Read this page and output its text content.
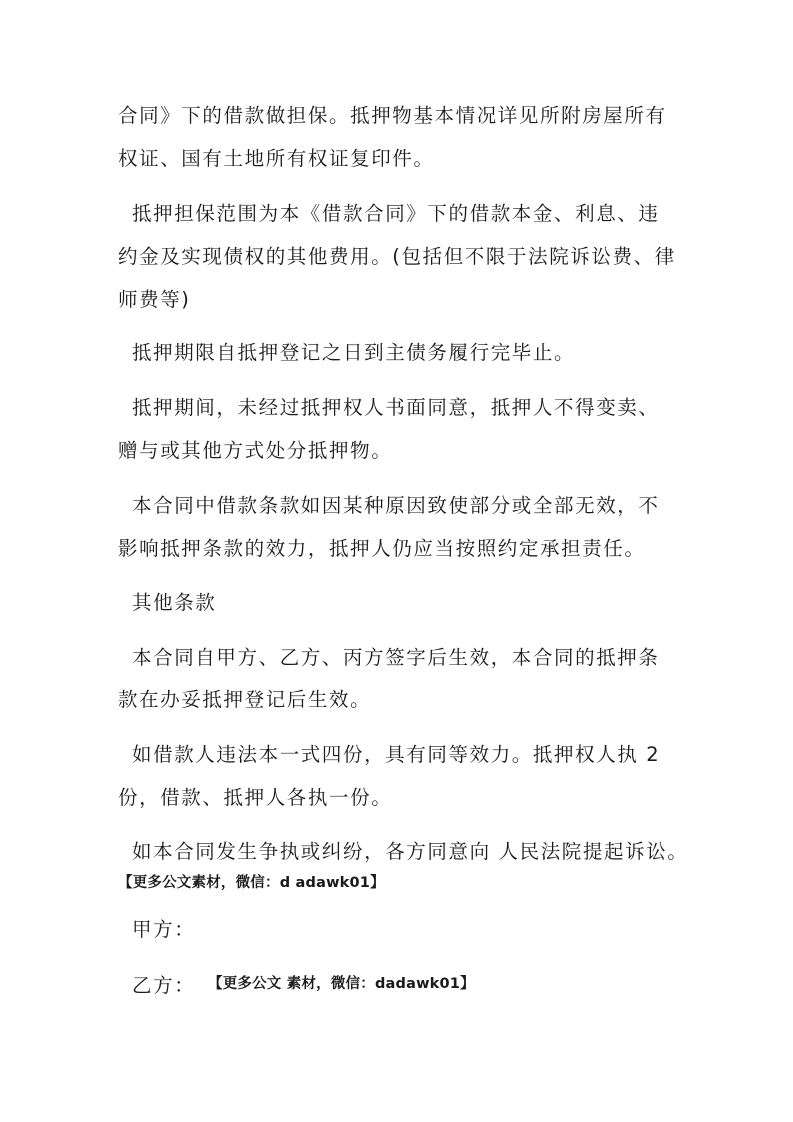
合同》下的借款做担保。抵押物基本情况详见所附房屋所有
权证、国有土地所有权证复印件。
抵押担保范围为本《借款合同》下的借款本金、利息、违
约金及实现债权的其他费用。(包括但不限于法院诉讼费、律
师费等)
抵押期限自抵押登记之日到主债务履行完毕止。
抵押期间，未经过抵押权人书面同意，抵押人不得变卖、
赠与或其他方式处分抵押物。
本合同中借款条款如因某种原因致使部分或全部无效，不
影响抵押条款的效力，抵押人仍应当按照约定承担责任。
其他条款
本合同自甲方、乙方、丙方签字后生效，本合同的抵押条
款在办妥抵押登记后生效。
如借款人违法本一式四份，具有同等效力。抵押权人执 2
份，借款、抵押人各执一份。
如本合同发生争执或纠纷，各方同意向 人民法院提起诉讼。
【更多公文素材，微信：d adawk01】
甲方：
乙方： 【更多公文 素材，微信：dadawk01】
